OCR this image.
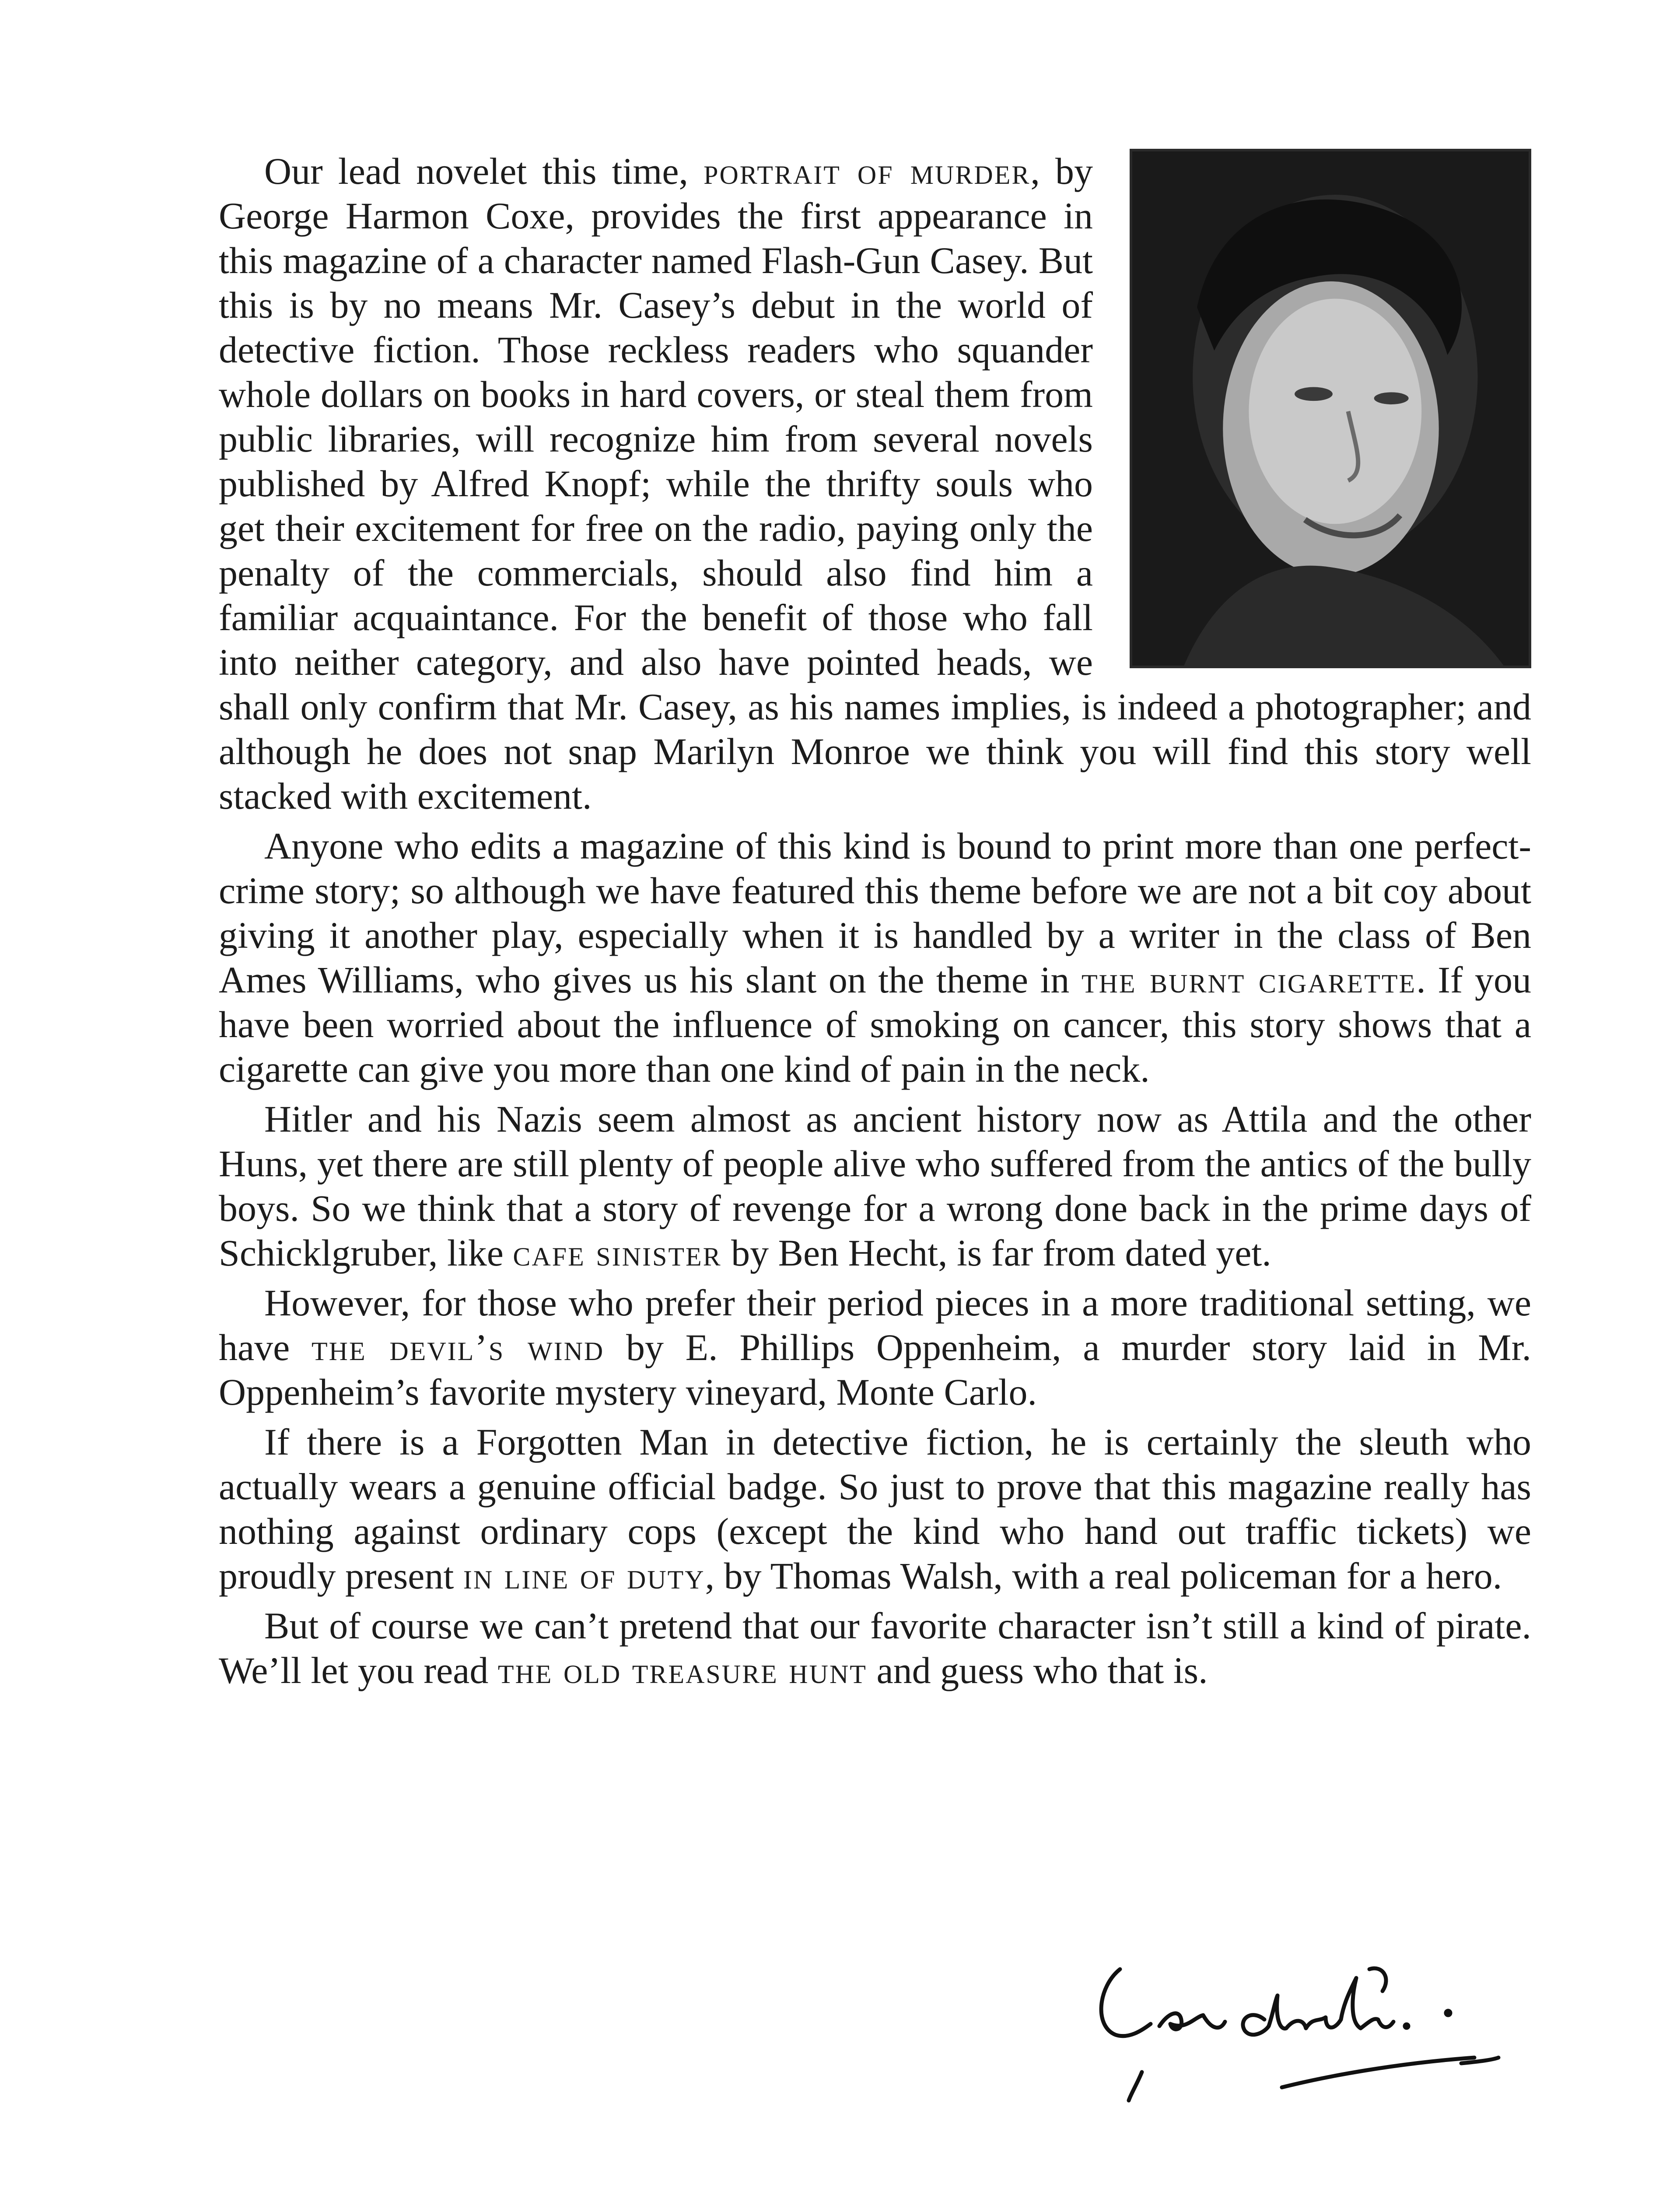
Our lead novelet this time, portrait of murder, by George Harmon Coxe, provides the first appearance in this magazine of a character named Flash-Gun Casey. But this is by no means Mr. Casey’s debut in the world of detective fiction. Those reckless readers who squander whole dollars on books in hard covers, or steal them from public libraries, will recognize him from several novels published by Alfred Knopf; while the thrifty souls who get their excitement for free on the radio, paying only the penalty of the commercials, should also find him a familiar acquaintance. For the benefit of those who fall into neither category, and also have pointed heads, we shall only confirm that Mr. Casey, as his names implies, is indeed a photographer; and although he does not snap Marilyn Monroe we think you will find this story well stacked with excitement.

Anyone who edits a magazine of this kind is bound to print more than one perfect-crime story; so although we have featured this theme before we are not a bit coy about giving it another play, especially when it is handled by a writer in the class of Ben Ames Williams, who gives us his slant on the theme in the burnt cigarette. If you have been worried about the influence of smoking on cancer, this story shows that a cigarette can give you more than one kind of pain in the neck.

Hitler and his Nazis seem almost as ancient history now as Attila and the other Huns, yet there are still plenty of people alive who suffered from the antics of the bully boys. So we think that a story of revenge for a wrong done back in the prime days of Schicklgruber, like cafe sinister by Ben Hecht, is far from dated yet.

However, for those who prefer their period pieces in a more traditional setting, we have the devil’s wind by E. Phillips Oppenheim, a murder story laid in Mr. Oppenheim’s favorite mystery vineyard, Monte Carlo.

If there is a Forgotten Man in detective fiction, he is certainly the sleuth who actually wears a genuine official badge. So just to prove that this magazine really has nothing against ordinary cops (except the kind who hand out traffic tickets) we proudly present in line of duty, by Thomas Walsh, with a real policeman for a hero.

But of course we can’t pretend that our favorite character isn’t still a kind of pirate. We’ll let you read the old treasure hunt and guess who that is.
